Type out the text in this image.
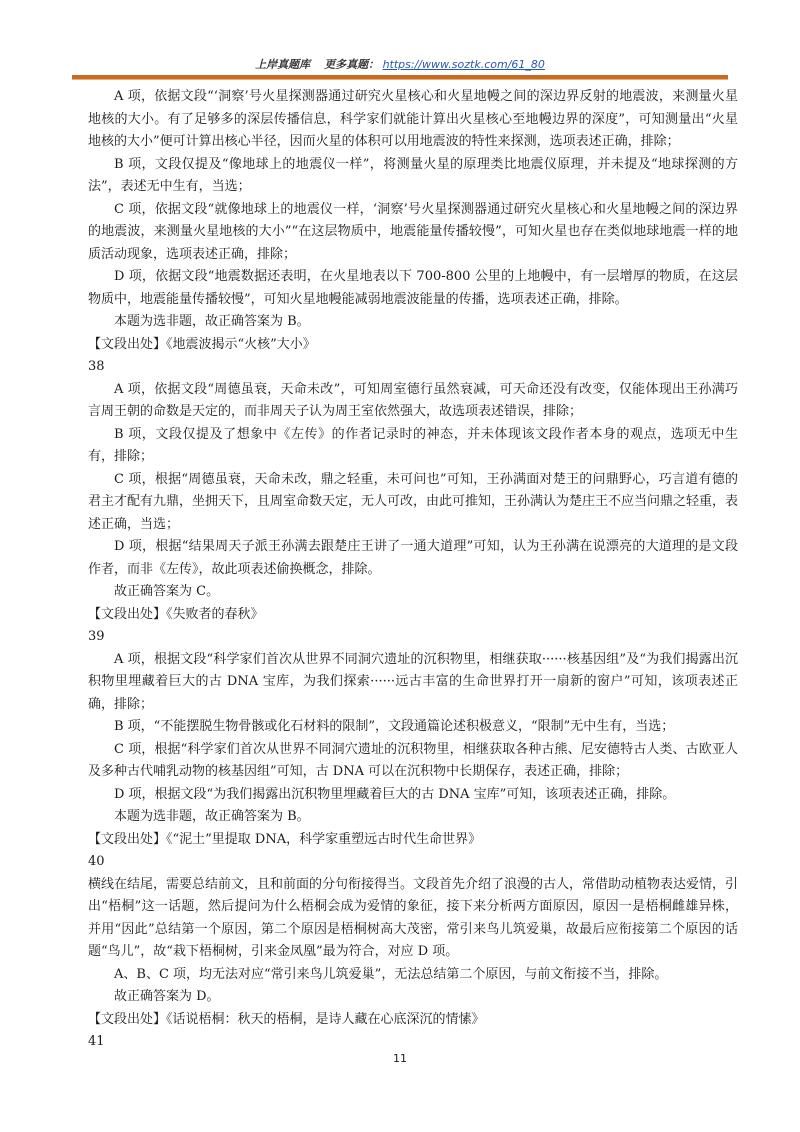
上岸真题库 更多真题： https://www.soztk.com/61_80

A 项，依据文段“‘洞察’号火星探测器通过研究火星核心和火星地幔之间的深边界反射的地震波，来测量火星地核的大小。有了足够多的深层传播信息，科学家们就能计算出火星核心至地幔边界的深度”，可知测量出“火星地核的大小”便可计算出核心半径，因而火星的体积可以用地震波的特性来探测，选项表述正确，排除；

B 项，文段仅提及“像地球上的地震仪一样”，将测量火星的原理类比地震仪原理，并未提及“地球探测的方法”，表述无中生有，当选；

C 项，依据文段“就像地球上的地震仪一样，‘洞察’号火星探测器通过研究火星核心和火星地幔之间的深边界的地震波，来测量火星地核的大小”“在这层物质中，地震能量传播较慢”，可知火星也存在类似地球地震一样的地质活动现象，选项表述正确，排除；

D 项，依据文段“地震数据还表明，在火星地表以下 700-800 公里的上地幔中，有一层增厚的物质，在这层物质中，地震能量传播较慢”，可知火星地幔能减弱地震波能量的传播，选项表述正确，排除。

本题为选非题，故正确答案为 B。

【文段出处】《地震波揭示“火核”大小》

38

A 项，依据文段“周德虽衰，天命未改”，可知周室德行虽然衰减，可天命还没有改变，仅能体现出王孙满巧言周王朝的命数是天定的，而非周天子认为周王室依然强大，故选项表述错误，排除；

B 项，文段仅提及了想象中《左传》的作者记录时的神态，并未体现该文段作者本身的观点，选项无中生有，排除；

C 项，根据“周德虽衰，天命未改，鼎之轻重，未可问也”可知，王孙满面对楚王的问鼎野心，巧言道有德的君主才配有九鼎，坐拥天下，且周室命数天定，无人可改，由此可推知，王孙满认为楚庄王不应当问鼎之轻重，表述正确，当选；

D 项，根据“结果周天子派王孙满去跟楚庄王讲了一通大道理”可知，认为王孙满在说漂亮的大道理的是文段作者，而非《左传》，故此项表述偷换概念，排除。

故正确答案为 C。

【文段出处】《失败者的春秋》

39

A 项，根据文段“科学家们首次从世界不同洞穴遗址的沉积物里，相继获取······核基因组”及“为我们揭露出沉积物里埋藏着巨大的古 DNA 宝库，为我们探索······远古丰富的生命世界打开一扇新的窗户”可知，该项表述正确，排除；

B 项，“不能摆脱生物骨骸或化石材料的限制”，文段通篇论述积极意义，“限制”无中生有，当选；

C 项，根据“科学家们首次从世界不同洞穴遗址的沉积物里，相继获取各种古熊、尼安德特古人类、古欧亚人及多种古代哺乳动物的核基因组”可知，古 DNA 可以在沉积物中长期保存，表述正确，排除；

D 项，根据文段“为我们揭露出沉积物里埋藏着巨大的古 DNA 宝库”可知，该项表述正确，排除。

本题为选非题，故正确答案为 B。

【文段出处】《“泥土”里提取 DNA，科学家重塑远古时代生命世界》

40

横线在结尾，需要总结前文，且和前面的分句衔接得当。文段首先介绍了浪漫的古人，常借助动植物表达爱情，引出“梧桐”这一话题，然后提问为什么梧桐会成为爱情的象征，接下来分析两方面原因，原因一是梧桐雌雄异株，并用“因此”总结第一个原因，第二个原因是梧桐树高大茂密，常引来鸟儿筑爱巢，故最后应衔接第二个原因的话题“鸟儿”，故“栽下梧桐树，引来金凤凰”最为符合，对应 D 项。

A、B、C 项，均无法对应“常引来鸟儿筑爱巢”，无法总结第二个原因，与前文衔接不当，排除。

故正确答案为 D。

【文段出处】《话说梧桐：秋天的梧桐，是诗人藏在心底深沉的情愫》

41

11
